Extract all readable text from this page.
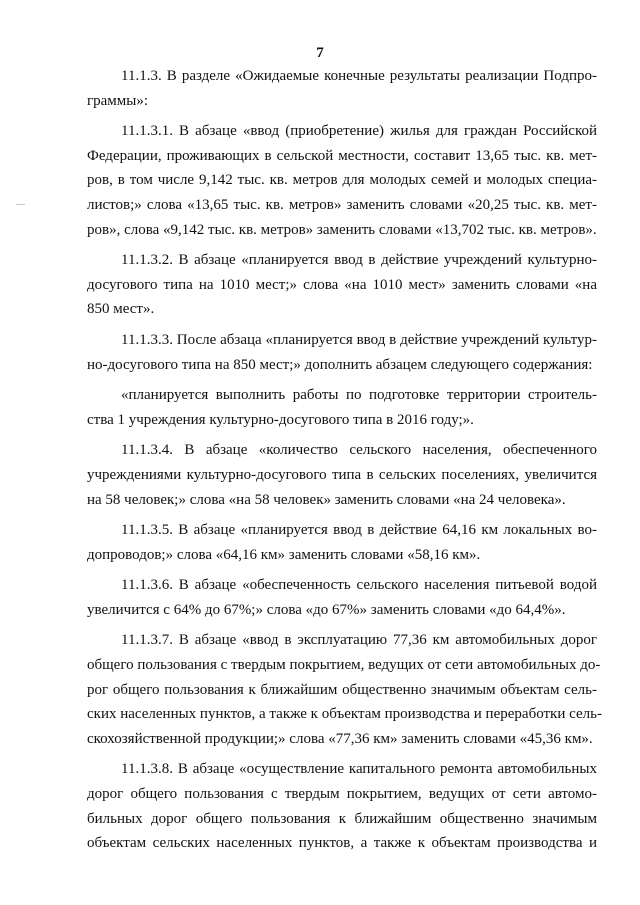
7
—
11.1.3. В разделе «Ожидаемые конечные результаты реализации Подпро-
граммы»:
11.1.3.1. В абзаце «ввод (приобретение) жилья для граждан Российской
Федерации, проживающих в сельской местности, составит 13,65 тыс. кв. мет-
ров, в том числе 9,142 тыс. кв. метров для молодых семей и молодых специа-
листов;» слова «13,65 тыс. кв. метров» заменить словами «20,25 тыс. кв. мет-
ров», слова «9,142 тыс. кв. метров» заменить словами «13,702 тыс. кв. метров».
11.1.3.2. В абзаце «планируется ввод в действие учреждений культурно-
досугового типа на 1010 мест;» слова «на 1010 мест» заменить словами «на
850 мест».
11.1.3.3. После абзаца «планируется ввод в действие учреждений культур-
но-досугового типа на 850 мест;» дополнить абзацем следующего содержания:
«планируется выполнить работы по подготовке территории строитель-
ства 1 учреждения культурно-досугового типа в 2016 году;».
11.1.3.4. В абзаце «количество сельского населения, обеспеченного
учреждениями культурно-досугового типа в сельских поселениях, увеличится
на 58 человек;» слова «на 58 человек» заменить словами «на 24 человека».
11.1.3.5. В абзаце «планируется ввод в действие 64,16 км локальных во-
допроводов;» слова «64,16 км» заменить словами «58,16 км».
11.1.3.6. В абзаце «обеспеченность сельского населения питьевой водой
увеличится с 64% до 67%;» слова «до 67%» заменить словами «до 64,4%».
11.1.3.7. В абзаце «ввод в эксплуатацию 77,36 км автомобильных дорог
общего пользования с твердым покрытием, ведущих от сети автомобильных до-
рог общего пользования к ближайшим общественно значимым объектам сель-
ских населенных пунктов, а также к объектам производства и переработки сель-
скохозяйственной продукции;» слова «77,36 км» заменить словами «45,36 км».
11.1.3.8. В абзаце «осуществление капитального ремонта автомобильных
дорог общего пользования с твердым покрытием, ведущих от сети автомо-
бильных дорог общего пользования к ближайшим общественно значимым
объектам сельских населенных пунктов, а также к объектам производства и
